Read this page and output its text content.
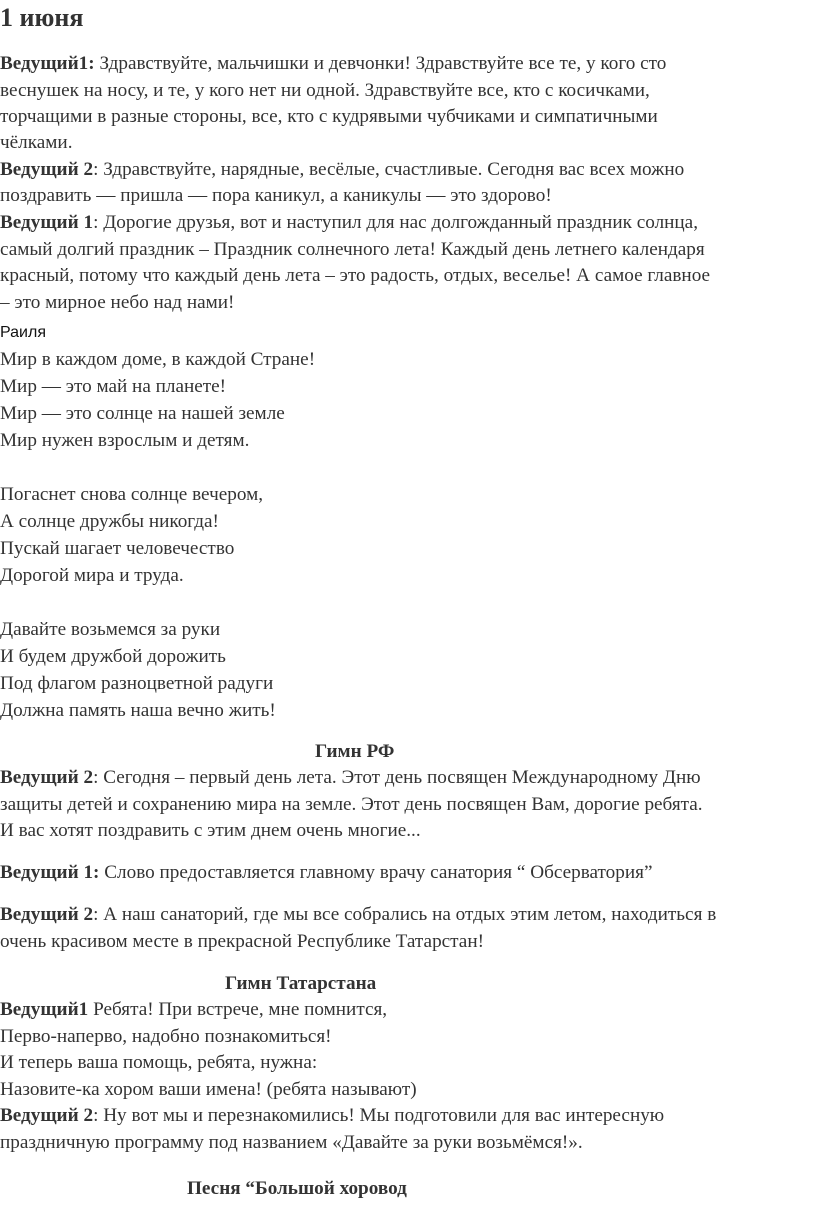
1 июня
Ведущий1: Здравствуйте, мальчишки и девчонки! Здравствуйте все те, у кого сто
веснушек на носу, и те, у кого нет ни одной. Здравствуйте все, кто с косичками,
торчащими в разные стороны, все, кто с кудрявыми чубчиками и симпатичными
чёлками.
Ведущий 2: Здравствуйте, нарядные, весёлые, счастливые. Сегодня вас всех можно
поздравить — пришла — пора каникул, а каникулы — это здорово!
Ведущий 1: Дорогие друзья, вот и наступил для нас долгожданный праздник солнца,
самый долгий праздник – Праздник солнечного лета! Каждый день летнего календаря
красный, потому что каждый день лета – это радость, отдых, веселье! А самое главное
– это мирное небо над нами!
Раиля
Мир в каждом доме, в каждой Стране!
Мир — это май на планете!
Мир — это солнце на нашей земле
Мир нужен взрослым и детям.
Погаснет снова солнце вечером,
А солнце дружбы никогда!
Пускай шагает человечество
Дорогой мира и труда.
Давайте возьмемся за руки
И будем дружбой дорожить
Под флагом разноцветной радуги
Должна память наша вечно жить!
Гимн РФ
Ведущий 2: Сегодня – первый день лета. Этот день посвящен Международному Дню
защиты детей и сохранению мира на земле. Этот день посвящен Вам, дорогие ребята.
И вас хотят поздравить с этим днем очень многие...
Ведущий 1: Слово предоставляется главному врачу санатория “ Обсерватория”
Ведущий 2: А наш санаторий, где мы все собрались на отдых этим летом, находиться в
очень красивом месте в прекрасной Республике Татарстан!
Гимн Татарстана
Ведущий1 Ребята! При встрече, мне помнится,
Перво-наперво, надобно познакомиться!
И теперь ваша помощь, ребята, нужна:
Назовите-ка хором ваши имена! (ребята называют)
Ведущий 2: Ну вот мы и перезнакомились! Мы подготовили для вас интересную
праздничную программу под названием «Давайте за руки возьмёмся!».
Песня “Большой хоровод
